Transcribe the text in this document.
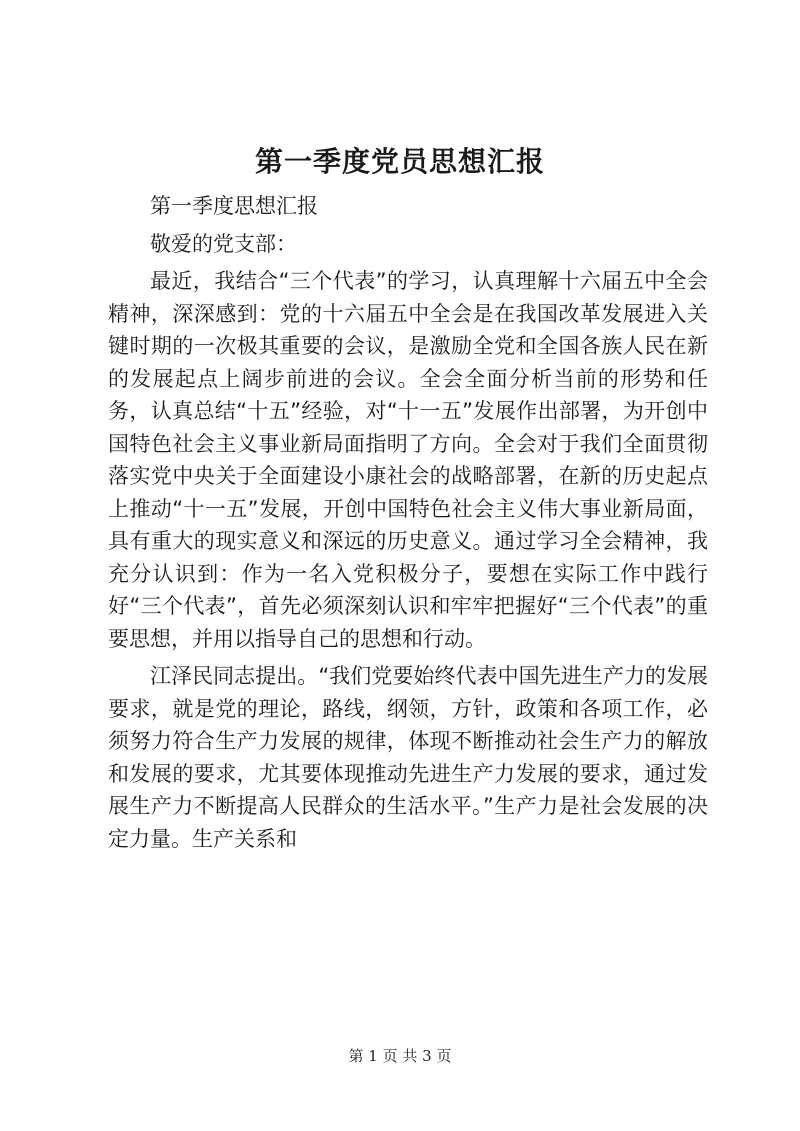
第一季度党员思想汇报

第一季度思想汇报

敬爱的党支部：

最近，我结合“三个代表”的学习，认真理解十六届五中全会精神，深深感到：党的十六届五中全会是在我国改革发展进入关键时期的一次极其重要的会议，是激励全党和全国各族人民在新的发展起点上阔步前进的会议。全会全面分析当前的形势和任务，认真总结“十五”经验，对“十一五”发展作出部署，为开创中国特色社会主义事业新局面指明了方向。全会对于我们全面贯彻落实党中央关于全面建设小康社会的战略部署，在新的历史起点上推动“十一五”发展，开创中国特色社会主义伟大事业新局面，具有重大的现实意义和深远的历史意义。通过学习全会精神，我充分认识到：作为一名入党积极分子，要想在实际工作中践行好“三个代表”，首先必须深刻认识和牢牢把握好“三个代表”的重要思想，并用以指导自己的思想和行动。

江泽民同志提出。“我们党要始终代表中国先进生产力的发展要求，就是党的理论，路线，纲领，方针，政策和各项工作，必须努力符合生产力发展的规律，体现不断推动社会生产力的解放和发展的要求，尤其要体现推动先进生产力发展的要求，通过发展生产力不断提高人民群众的生活水平。”生产力是社会发展的决定力量。生产关系和

第 1 页 共 3 页
